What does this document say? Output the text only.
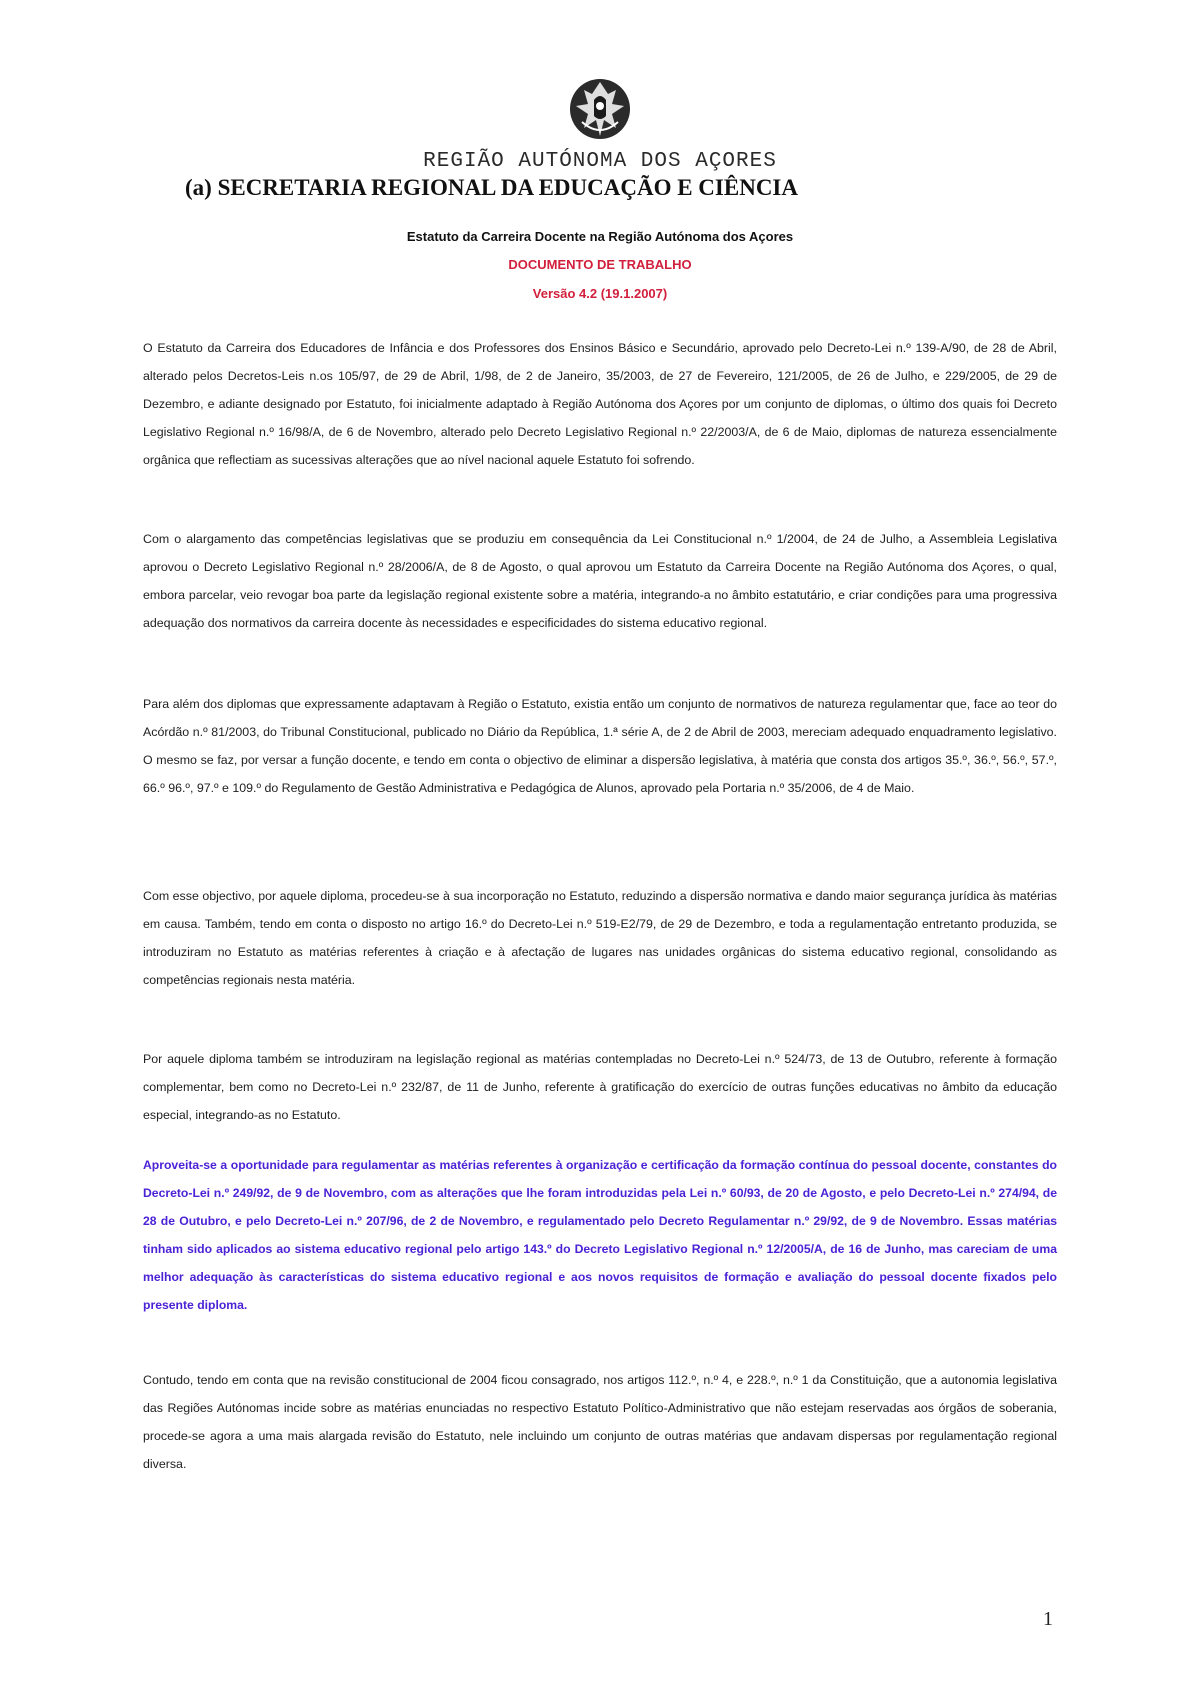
REGIÃO AUTÓNOMA DOS AÇORES
(a) SECRETARIA REGIONAL DA EDUCAÇÃO E CIÊNCIA
Estatuto da Carreira Docente na Região Autónoma dos Açores
DOCUMENTO DE TRABALHO
Versão 4.2 (19.1.2007)

O Estatuto da Carreira dos Educadores de Infância e dos Professores dos Ensinos Básico e Secundário, aprovado pelo Decreto-Lei n.º 139-A/90, de 28 de Abril, alterado pelos Decretos-Leis n.os 105/97, de 29 de Abril, 1/98, de 2 de Janeiro, 35/2003, de 27 de Fevereiro, 121/2005, de 26 de Julho, e 229/2005, de 29 de Dezembro, e adiante designado por Estatuto, foi inicialmente adaptado à Região Autónoma dos Açores por um conjunto de diplomas, o último dos quais foi Decreto Legislativo Regional n.º 16/98/A, de 6 de Novembro, alterado pelo Decreto Legislativo Regional n.º 22/2003/A, de 6 de Maio, diplomas de natureza essencialmente orgânica que reflectiam as sucessivas alterações que ao nível nacional aquele Estatuto foi sofrendo.

Com o alargamento das competências legislativas que se produziu em consequência da Lei Constitucional n.º 1/2004, de 24 de Julho, a Assembleia Legislativa aprovou o Decreto Legislativo Regional n.º 28/2006/A, de 8 de Agosto, o qual aprovou um Estatuto da Carreira Docente na Região Autónoma dos Açores, o qual, embora parcelar, veio revogar boa parte da legislação regional existente sobre a matéria, integrando-a no âmbito estatutário, e criar condições para uma progressiva adequação dos normativos da carreira docente às necessidades e especificidades do sistema educativo regional.

Para além dos diplomas que expressamente adaptavam à Região o Estatuto, existia então um conjunto de normativos de natureza regulamentar que, face ao teor do Acórdão n.º 81/2003, do Tribunal Constitucional, publicado no Diário da República, 1.ª série A, de 2 de Abril de 2003, mereciam adequado enquadramento legislativo. O mesmo se faz, por versar a função docente, e tendo em conta o objectivo de eliminar a dispersão legislativa, à matéria que consta dos artigos 35.º, 36.º, 56.º, 57.º, 66.º 96.º, 97.º e 109.º do Regulamento de Gestão Administrativa e Pedagógica de Alunos, aprovado pela Portaria n.º 35/2006, de 4 de Maio.

Com esse objectivo, por aquele diploma, procedeu-se à sua incorporação no Estatuto, reduzindo a dispersão normativa e dando maior segurança jurídica às matérias em causa. Também, tendo em conta o disposto no artigo 16.º do Decreto-Lei n.º 519-E2/79, de 29 de Dezembro, e toda a regulamentação entretanto produzida, se introduziram no Estatuto as matérias referentes à criação e à afectação de lugares nas unidades orgânicas do sistema educativo regional, consolidando as competências regionais nesta matéria.

Por aquele diploma também se introduziram na legislação regional as matérias contempladas no Decreto-Lei n.º 524/73, de 13 de Outubro, referente à formação complementar, bem como no Decreto-Lei n.º 232/87, de 11 de Junho, referente à gratificação do exercício de outras funções educativas no âmbito da educação especial, integrando-as no Estatuto.

Aproveita-se a oportunidade para regulamentar as matérias referentes à organização e certificação da formação contínua do pessoal docente, constantes do Decreto-Lei n.º 249/92, de 9 de Novembro, com as alterações que lhe foram introduzidas pela Lei n.º 60/93, de 20 de Agosto, e pelo Decreto-Lei n.º 274/94, de 28 de Outubro, e pelo Decreto-Lei n.º 207/96, de 2 de Novembro, e regulamentado pelo Decreto Regulamentar n.º 29/92, de 9 de Novembro. Essas matérias tinham sido aplicados ao sistema educativo regional pelo artigo 143.º do Decreto Legislativo Regional n.º 12/2005/A, de 16 de Junho, mas careciam de uma melhor adequação às características do sistema educativo regional e aos novos requisitos de formação e avaliação do pessoal docente fixados pelo presente diploma.

Contudo, tendo em conta que na revisão constitucional de 2004 ficou consagrado, nos artigos 112.º, n.º 4, e 228.º, n.º 1 da Constituição, que a autonomia legislativa das Regiões Autónomas incide sobre as matérias enunciadas no respectivo Estatuto Político-Administrativo que não estejam reservadas aos órgãos de soberania, procede-se agora a uma mais alargada revisão do Estatuto, nele incluindo um conjunto de outras matérias que andavam dispersas por regulamentação regional diversa.

1
